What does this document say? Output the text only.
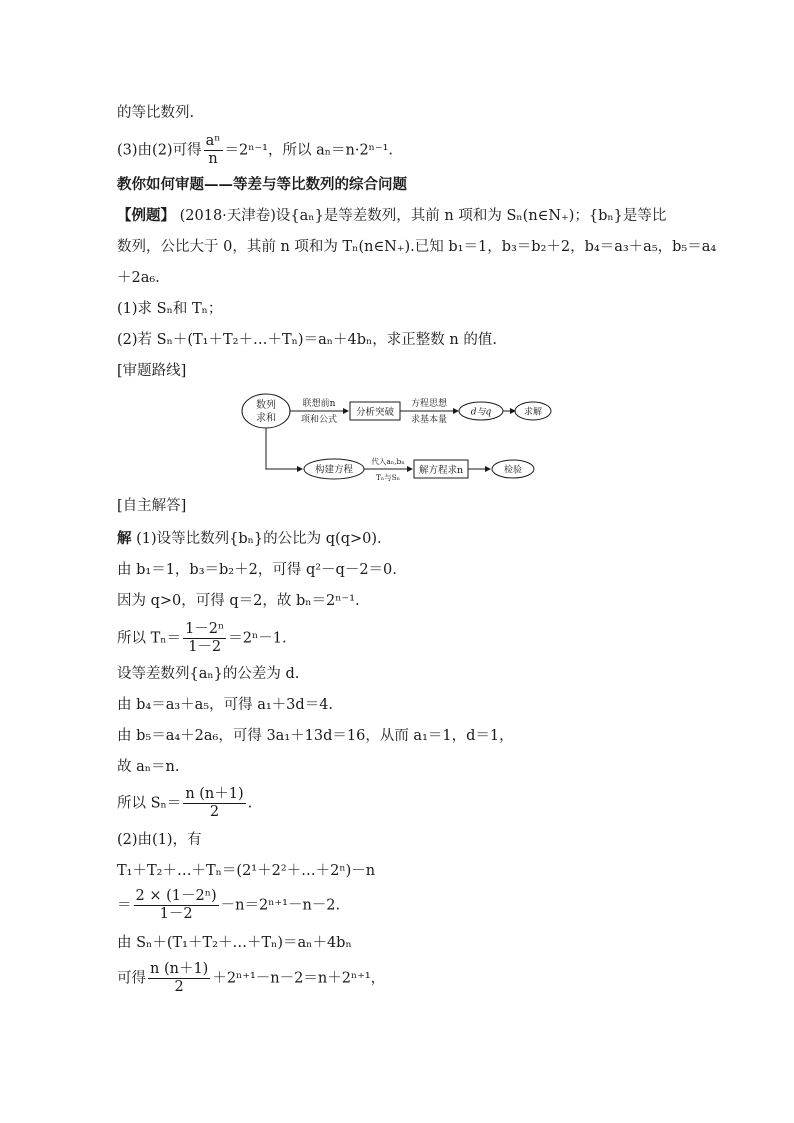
的等比数列.
(3)由(2)可得 $\frac{\text{aⁿ}}{n} =2^{n-1}$，所以 aₙ＝n·2ⁿ⁻¹.
教你如何审题——等差与等比数列的综合问题
【例题】 (2018·天津卷)设{aₙ}是等差数列，其前 n 项和为 Sₙ(n∈N₊)；{bₙ}是等比
数列，公比大于 0，其前 n 项和为 Tₙ(n∈N₊).已知 b₁＝1，b₃＝b₂＋2，b₄＝a₃＋a₅，b₅＝a₄
＋2a₆.
(1)求 Sₙ和 Tₙ；
(2)若 Sₙ＋(T₁＋T₂＋…＋Tₙ)＝aₙ＋4bₙ，求正整数 n 的值.
[审题路线]
数列
求和
联想前n
项和公式
分析突破
方程思想
求基本量
d与q	求解
构建方程
代入aₙ,bₙ
Tₙ与Sₙ
解方程求n	检验
[自主解答]
解 (1)设等比数列{bₙ}的公比为 q(q>0).
由 b₁＝1，b₃＝b₂＋2，可得 q²－q－2＝0.
因为 q>0，可得 q＝2，故 bₙ＝2ⁿ⁻¹.
所以 $T_n= \frac{\text{1－2ⁿ}}{1-2} =2^n-1$.
设等差数列{aₙ}的公差为 d.
由 b₄＝a₃＋a₅，可得 a₁＋3d＝4.
由 b₅＝a₄＋2a₆，可得 3a₁＋13d＝16，从而 a₁＝1，d＝1，
故 aₙ＝n.
所以 $S_n= \frac{n (n+1)}{2}$ .
(2)由(1)，有
T₁＋T₂＋…＋Tₙ＝(2¹＋2²＋…＋2ⁿ)－n
＝ $\frac{\text{2 × (1－2ⁿ)}}{1-2} -n=2^{n+1}-n-2$.
由 Sₙ＋(T₁＋T₂＋…＋Tₙ)＝aₙ＋4bₙ
可得 $\frac{n (n+1)}{2} +2^{n+1}-n-2=n+2^{n+1}$，
